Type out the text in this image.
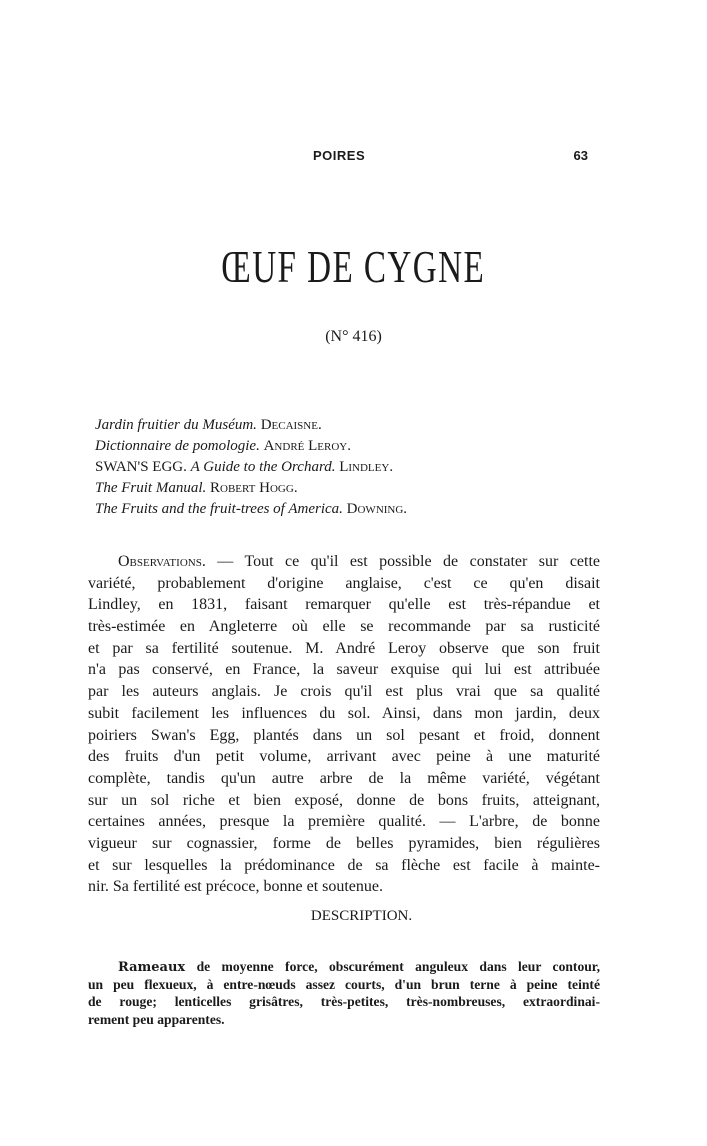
POIRES	63
ŒUF DE CYGNE
(N° 416)
Jardin fruitier du Muséum. Decaisne.
Dictionnaire de pomologie. André Leroy.
SWAN'S EGG. A Guide to the Orchard. Lindley.
The Fruit Manual. Robert Hogg.
The Fruits and the fruit-trees of America. Downing.
Observations. — Tout ce qu'il est possible de constater sur cette
variété, probablement d'origine anglaise, c'est ce qu'en disait
Lindley, en 1831, faisant remarquer qu'elle est très-répandue et
très-estimée en Angleterre où elle se recommande par sa rusticité
et par sa fertilité soutenue. M. André Leroy observe que son fruit
n'a pas conservé, en France, la saveur exquise qui lui est attribuée
par les auteurs anglais. Je crois qu'il est plus vrai que sa qualité
subit facilement les influences du sol. Ainsi, dans mon jardin, deux
poiriers Swan's Egg, plantés dans un sol pesant et froid, donnent
des fruits d'un petit volume, arrivant avec peine à une maturité
complète, tandis qu'un autre arbre de la même variété, végétant
sur un sol riche et bien exposé, donne de bons fruits, atteignant,
certaines années, presque la première qualité. — L'arbre, de bonne
vigueur sur cognassier, forme de belles pyramides, bien régulières
et sur lesquelles la prédominance de sa flèche est facile à mainte-
nir. Sa fertilité est précoce, bonne et soutenue.
DESCRIPTION.
Rameaux de moyenne force, obscurément anguleux dans leur contour,
un peu flexueux, à entre-nœuds assez courts, d'un brun terne à peine teinté
de rouge; lenticelles grisâtres, très-petites, très-nombreuses, extraordinai-
rement peu apparentes.
